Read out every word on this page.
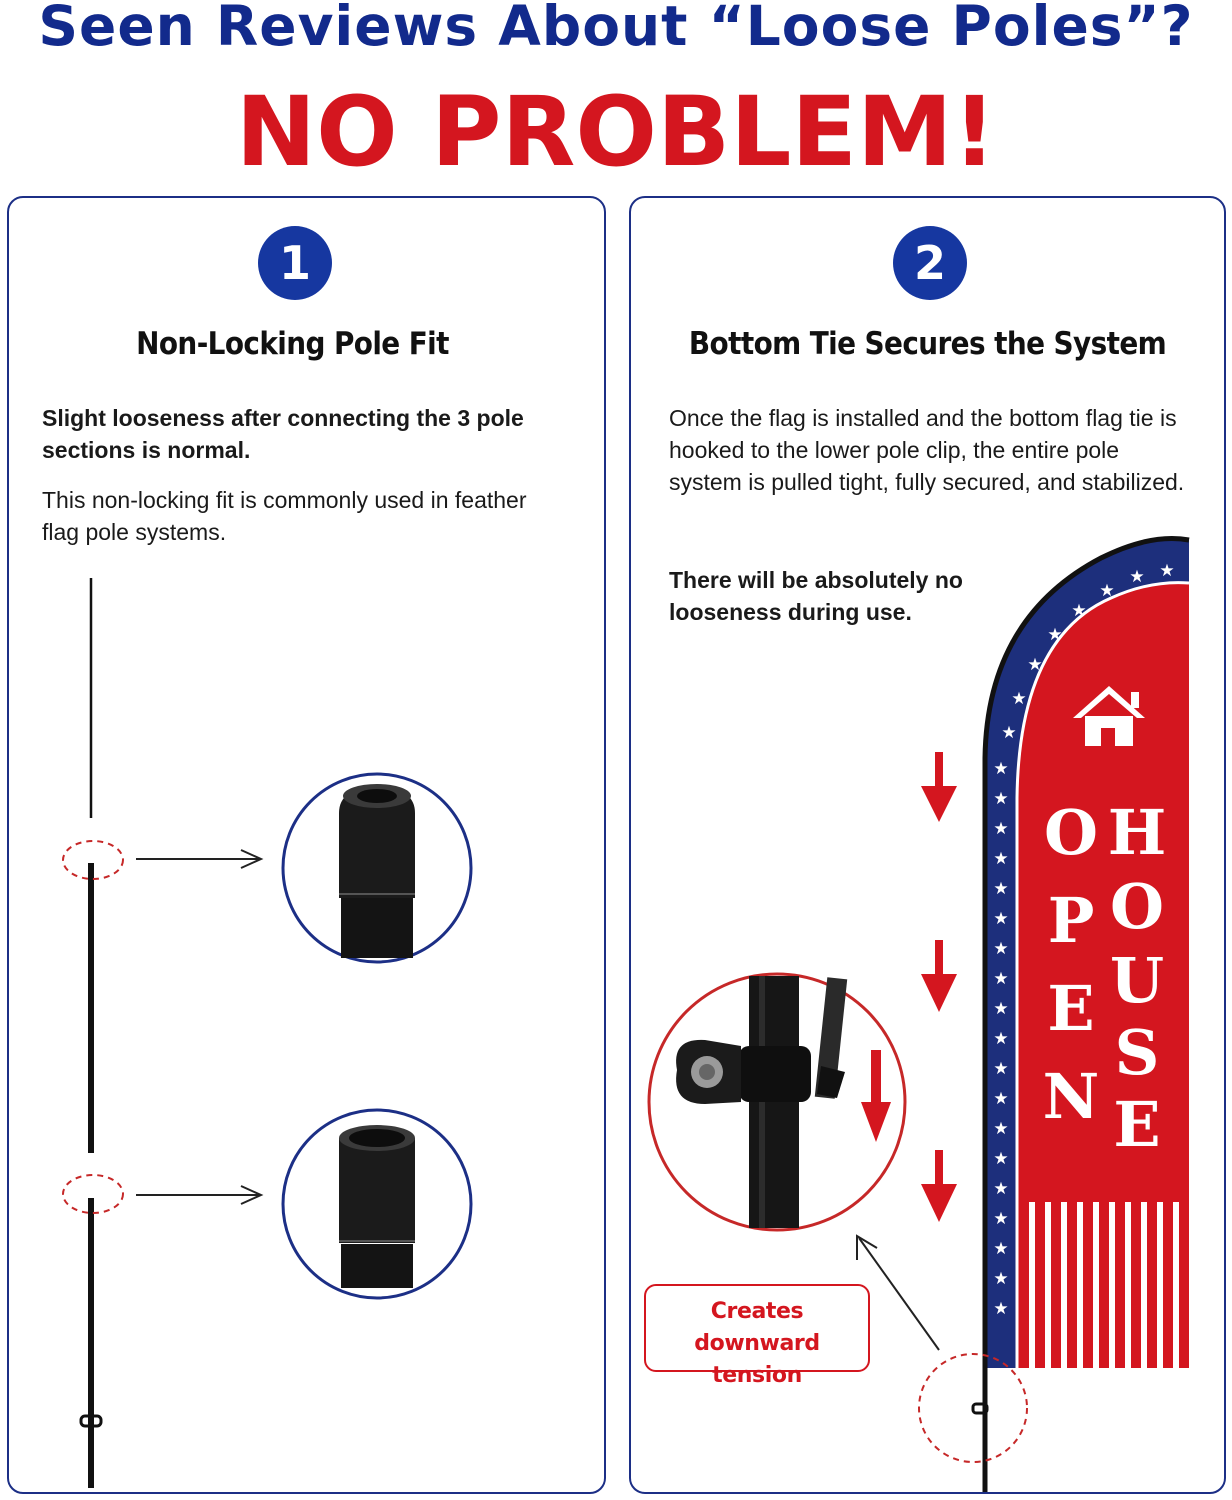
Seen Reviews About “Loose Poles”?
NO PROBLEM!
1
Non-Locking Pole Fit

Slight looseness after connecting the 3 pole sections is normal.

This non-locking fit is commonly used in feather flag pole systems.

2
Bottom Tie Secures the System

Once the flag is installed and the bottom flag tie is hooked to the lower pole clip, the entire pole system is pulled tight, fully secured, and stabilized.

There will be absolutely no looseness during use.

★
★
★
★
★
★
★
★
★
★
★
★
★
★
★
★
★
★
★
★
★
★
★
★
★
★ ★
O
P
E
N
H
O
U
S
E
Creates downward tension
